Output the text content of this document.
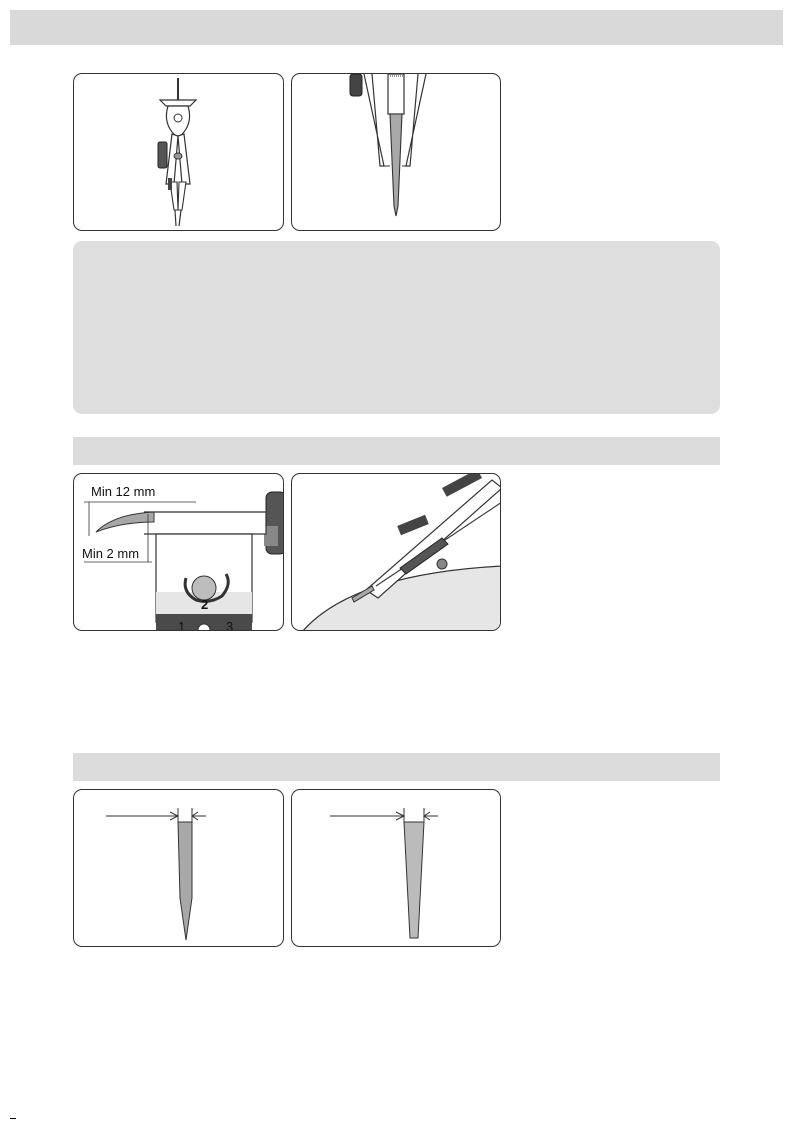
Min 12 mm
Min 2 mm
2
1	3
